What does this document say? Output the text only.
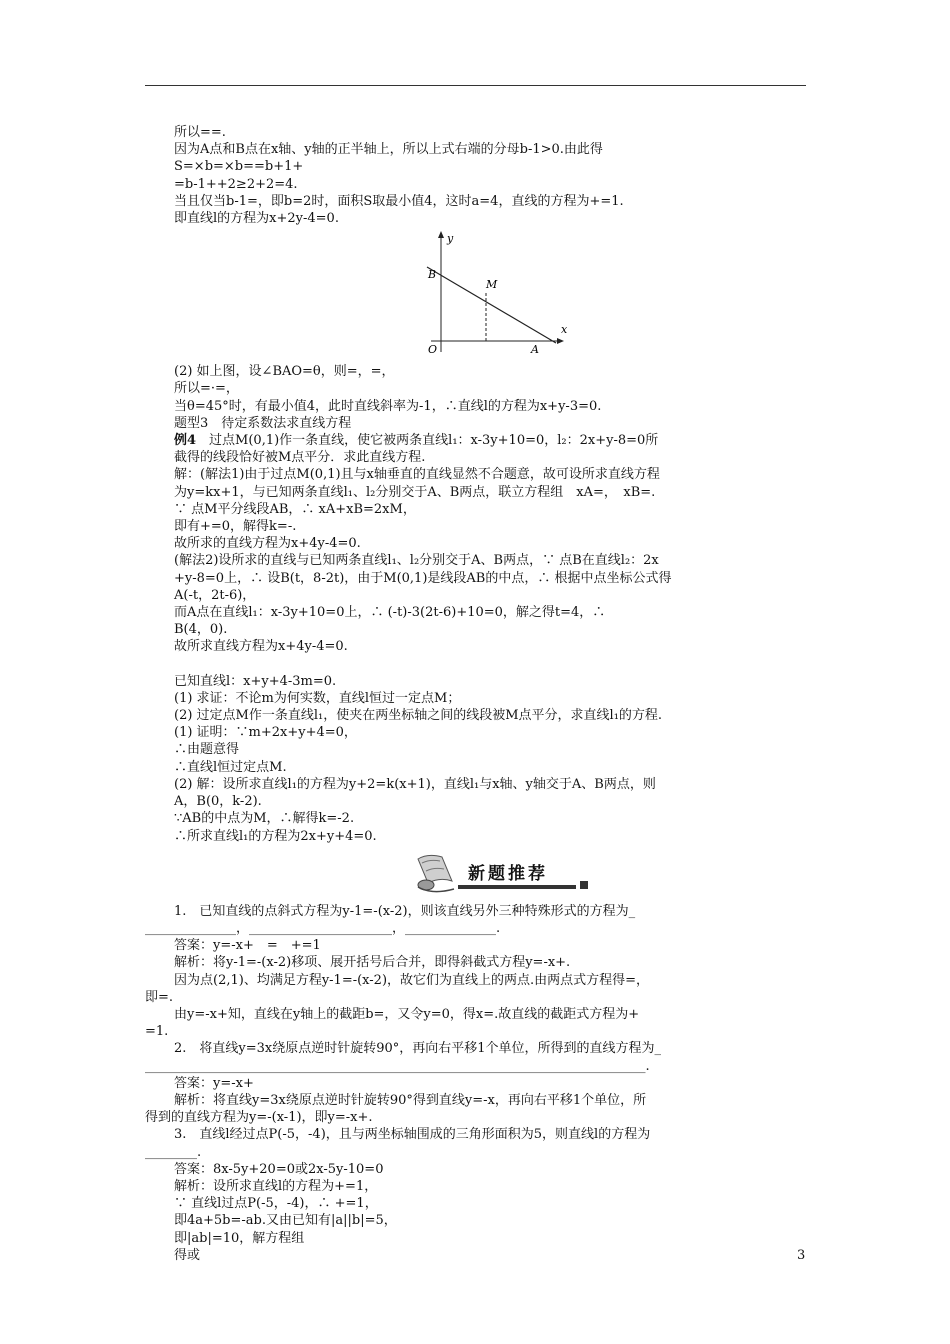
所以==.
因为A点和B点在x轴、y轴的正半轴上，所以上式右端的分母b-1>0.由此得
S=×b=×b==b+1+
=b-1++2≥2+2=4.
当且仅当b-1=，即b=2时，面积S取最小值4，这时a=4，直线的方程为+=1.
即直线l的方程为x+2y-4=0.
y
x
B
M
O	A
(2) 如上图，设∠BAO=θ，则=，=，
所以=·=，
当θ=45°时，有最小值4，此时直线斜率为-1，∴直线l的方程为x+y-3=0.
题型3　待定系数法求直线方程
例4　过点M(0,1)作一条直线，使它被两条直线l₁：x-3y+10=0，l₂：2x+y-8=0所
截得的线段恰好被M点平分．求此直线方程.
解：(解法1)由于过点M(0,1)且与x轴垂直的直线显然不合题意，故可设所求直线方程
为y=kx+1，与已知两条直线l₁、l₂分别交于A、B两点，联立方程组　xA=，　xB=.
∵ 点M平分线段AB，∴ xA+xB=2xM，
即有+=0，解得k=-.
故所求的直线方程为x+4y-4=0.
(解法2)设所求的直线与已知两条直线l₁、l₂分别交于A、B两点，∵ 点B在直线l₂：2x
+y-8=0上，∴ 设B(t，8-2t)，由于M(0,1)是线段AB的中点，∴ 根据中点坐标公式得
A(-t，2t-6)，
而A点在直线l₁：x-3y+10=0上，∴ (-t)-3(2t-6)+10=0，解之得t=4，∴
B(4，0).
故所求直线方程为x+4y-4=0.
已知直线l：x+y+4-3m=0.
(1) 求证：不论m为何实数，直线l恒过一定点M；
(2) 过定点M作一条直线l₁，使夹在两坐标轴之间的线段被M点平分，求直线l₁的方程.
(1) 证明：∵m+2x+y+4=0，
∴由题意得
∴直线l恒过定点M.
(2) 解：设所求直线l₁的方程为y+2=k(x+1)，直线l₁与x轴、y轴交于A、B两点，则
A，B(0，k-2).
∵AB的中点为M，∴解得k=-2.
∴所求直线l₁的方程为2x+y+4=0.
新题推荐
1.　已知直线的点斜式方程为y-1=-(x-2)，则该直线另外三种特殊形式的方程为_
______________，______________________，______________.
答案：y=-x+　=　+=1
解析：将y-1=-(x-2)移项、展开括号后合并，即得斜截式方程y=-x+.
因为点(2,1)、均满足方程y-1=-(x-2)，故它们为直线上的两点.由两点式方程得=，
即=.
由y=-x+知，直线在y轴上的截距b=，又令y=0，得x=.故直线的截距式方程为+
=1.
2.　将直线y=3x绕原点逆时针旋转90°，再向右平移1个单位，所得到的直线方程为_
_____________________________________________________________________________.
答案：y=-x+
解析：将直线y=3x绕原点逆时针旋转90°得到直线y=-x，再向右平移1个单位，所
得到的直线方程为y=-(x-1)，即y=-x+.
3.　直线l经过点P(-5，-4)，且与两坐标轴围成的三角形面积为5，则直线l的方程为
________.
答案：8x-5y+20=0或2x-5y-10=0
解析：设所求直线l的方程为+=1，
∵ 直线l过点P(-5，-4)，∴ +=1，
即4a+5b=-ab.又由已知有|a||b|=5，
即|ab|=10，解方程组
得或	3
